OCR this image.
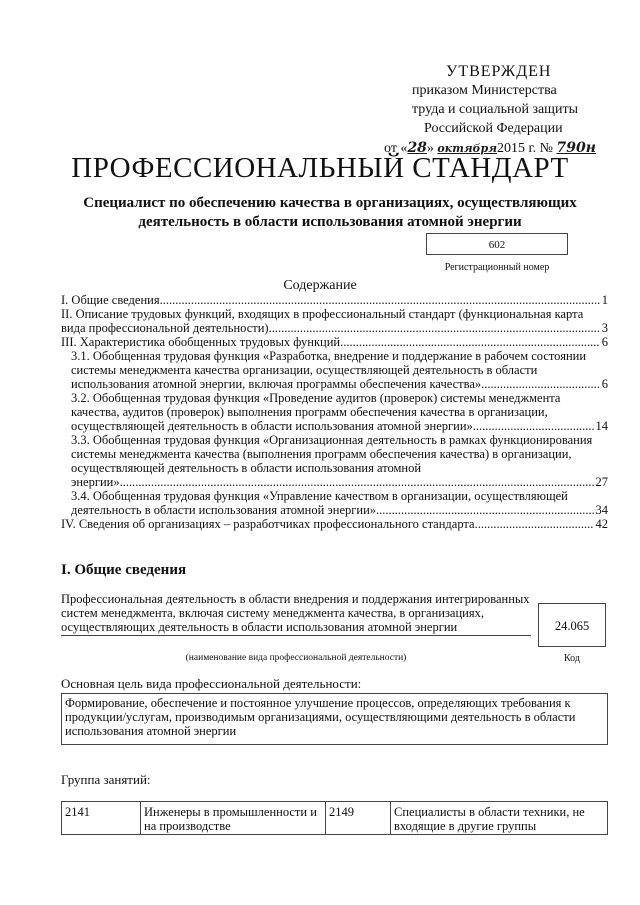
УТВЕРЖДЕН
приказом Министерства
труда и социальной защиты
Российской Федерации
от «28» октября2015 г. № 790н
ПРОФЕССИОНАЛЬНЫЙ СТАНДАРТ
Специалист по обеспечению качества в организациях, осуществляющих деятельность в области использования атомной энергии
602
Регистрационный номер
Содержание
I. Общие сведения .....	1
II. Описание трудовых функций, входящих в профессиональный стандарт (функциональная карта
вида профессиональной деятельности) .....	3
III. Характеристика обобщенных трудовых функций .....	6
3.1. Обобщенная трудовая функция «Разработка, внедрение и поддержание в рабочем состоянии системы менеджмента качества организации, осуществляющей деятельность в области
использования атомной энергии, включая программы обеспечения качества» .....	6
3.2. Обобщенная трудовая функция «Проведение аудитов (проверок) системы менеджмента качества, аудитов (проверок) выполнения программ обеспечения качества в организации,
осуществляющей деятельность в области использования атомной энергии» .....	14
3.3. Обобщенная трудовая функция «Организационная деятельность в рамках функционирования системы менеджмента качества (выполнения программ обеспечения качества) в организации, осуществляющей деятельность в области использования атомной
энергии» .....	27
3.4. Обобщенная трудовая функция «Управление качеством в организации, осуществляющей
деятельность в области использования атомной энергии» .....	34
IV. Сведения об организациях – разработчиках профессионального стандарта .....	42
I. Общие сведения
Профессиональная деятельность в области внедрения и поддержания интегрированных систем менеджмента, включая систему менеджмента качества, в организациях, осуществляющих деятельность в области использования атомной энергии	24.065
(наименование вида профессиональной деятельности)	Код
Основная цель вида профессиональной деятельности:
Формирование, обеспечение и постоянное улучшение процессов, определяющих требования к продукции/услугам, производимым организациями, осуществляющими деятельность в области использования атомной энергии
Группа занятий:
2141	Инженеры в промышленности и на производстве	2149	Специалисты в области техники, не входящие в другие группы
